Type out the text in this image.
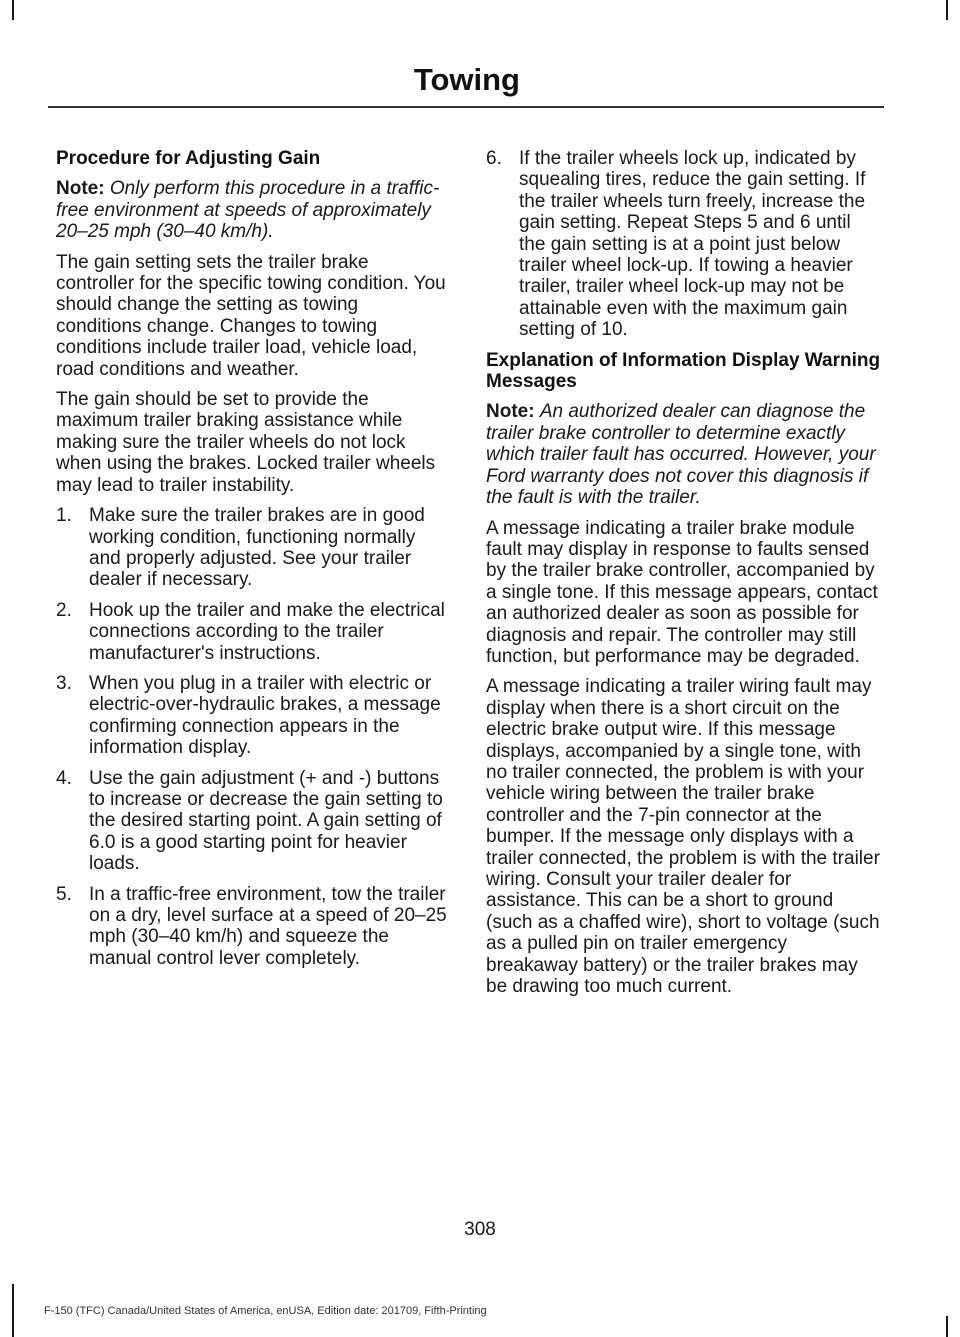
Towing
Procedure for Adjusting Gain

Note: Only perform this procedure in a traffic-free environment at speeds of approximately 20–25 mph (30–40 km/h).

The gain setting sets the trailer brake controller for the specific towing condition. You should change the setting as towing conditions change. Changes to towing conditions include trailer load, vehicle load, road conditions and weather.

The gain should be set to provide the maximum trailer braking assistance while making sure the trailer wheels do not lock when using the brakes. Locked trailer wheels may lead to trailer instability.

1. Make sure the trailer brakes are in good working condition, functioning normally and properly adjusted. See your trailer dealer if necessary.
2. Hook up the trailer and make the electrical connections according to the trailer manufacturer's instructions.
3. When you plug in a trailer with electric or electric-over-hydraulic brakes, a message confirming connection appears in the information display.
4. Use the gain adjustment (+ and -) buttons to increase or decrease the gain setting to the desired starting point. A gain setting of 6.0 is a good starting point for heavier loads.
5. In a traffic-free environment, tow the trailer on a dry, level surface at a speed of 20–25 mph (30–40 km/h) and squeeze the manual control lever completely.
6. If the trailer wheels lock up, indicated by squealing tires, reduce the gain setting. If the trailer wheels turn freely, increase the gain setting. Repeat Steps 5 and 6 until the gain setting is at a point just below trailer wheel lock-up. If towing a heavier trailer, trailer wheel lock-up may not be attainable even with the maximum gain setting of 10.
Explanation of Information Display Warning Messages

Note: An authorized dealer can diagnose the trailer brake controller to determine exactly which trailer fault has occurred. However, your Ford warranty does not cover this diagnosis if the fault is with the trailer.

A message indicating a trailer brake module fault may display in response to faults sensed by the trailer brake controller, accompanied by a single tone. If this message appears, contact an authorized dealer as soon as possible for diagnosis and repair. The controller may still function, but performance may be degraded.

A message indicating a trailer wiring fault may display when there is a short circuit on the electric brake output wire. If this message displays, accompanied by a single tone, with no trailer connected, the problem is with your vehicle wiring between the trailer brake controller and the 7-pin connector at the bumper. If the message only displays with a trailer connected, the problem is with the trailer wiring. Consult your trailer dealer for assistance. This can be a short to ground (such as a chaffed wire), short to voltage (such as a pulled pin on trailer emergency breakaway battery) or the trailer brakes may be drawing too much current.

308
F-150 (TFC) Canada/United States of America, enUSA, Edition date: 201709, Fifth-Printing
